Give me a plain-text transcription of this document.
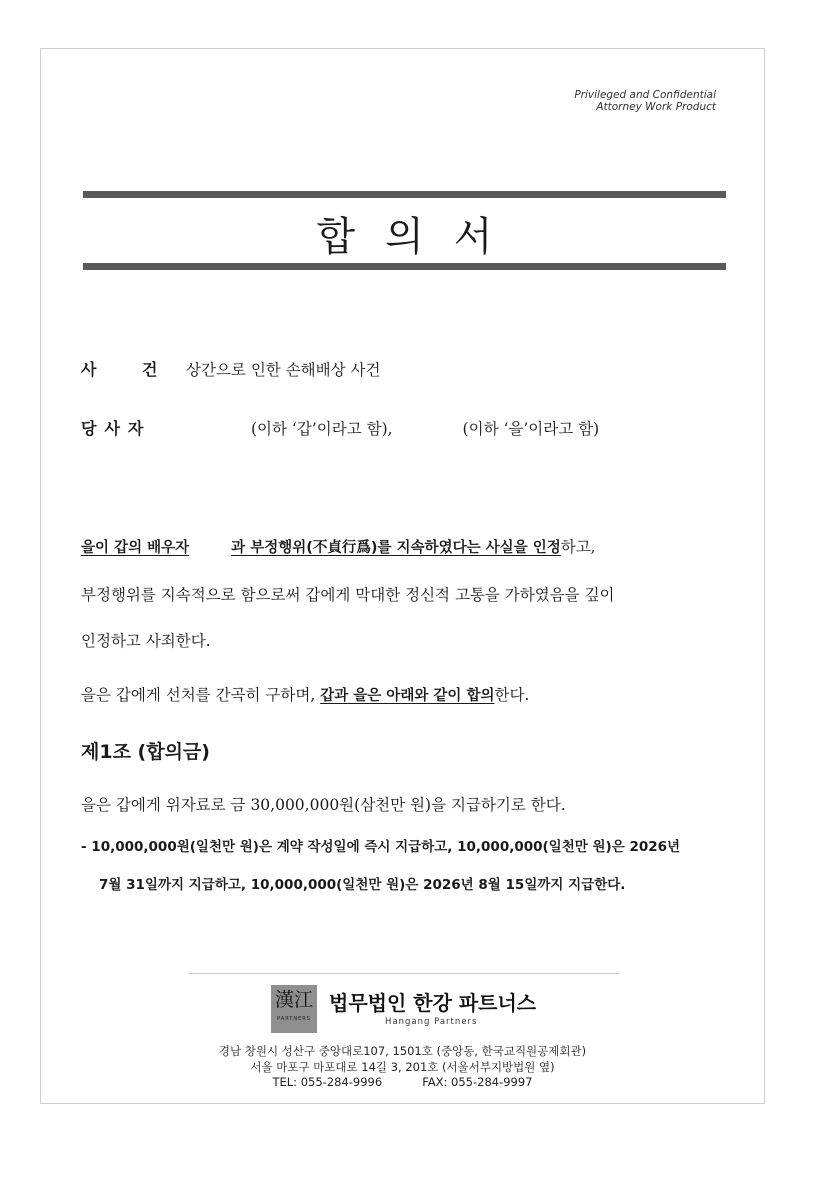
Privileged and Confidential
Attorney Work Product
합의서
사 건 상간으로 인한 손해배상 사건
당사자	(이하 ‘갑’이라고 함),	(이하 ‘을’이라고 함)
을이 갑의 배우자	과 부정행위(不貞行爲)를 지속하였다는 사실을 인정하고,
부정행위를 지속적으로 함으로써 갑에게 막대한 정신적 고통을 가하였음을 깊이
인정하고 사죄한다.
을은 갑에게 선처를 간곡히 구하며, 갑과 을은 아래와 같이 합의한다.
제1조 (합의금)
을은 갑에게 위자료로 금 30,000,000원(삼천만 원)을 지급하기로 한다.
- 10,000,000원(일천만 원)은 계약 작성일에 즉시 지급하고, 10,000,000(일천만 원)은 2026년
7월 31일까지 지급하고, 10,000,000(일천만 원)은 2026년 8월 15일까지 지급한다.
漢江
PARTNERS
법무법인 한강 파트너스
Hangang Partners
경남 창원시 성산구 중앙대로107, 1501호 (중앙동, 한국교직원공제회관)
서울 마포구 마포대로 14길 3, 201호 (서울서부지방법원 옆)
TEL: 055-284-9996	FAX: 055-284-9997
